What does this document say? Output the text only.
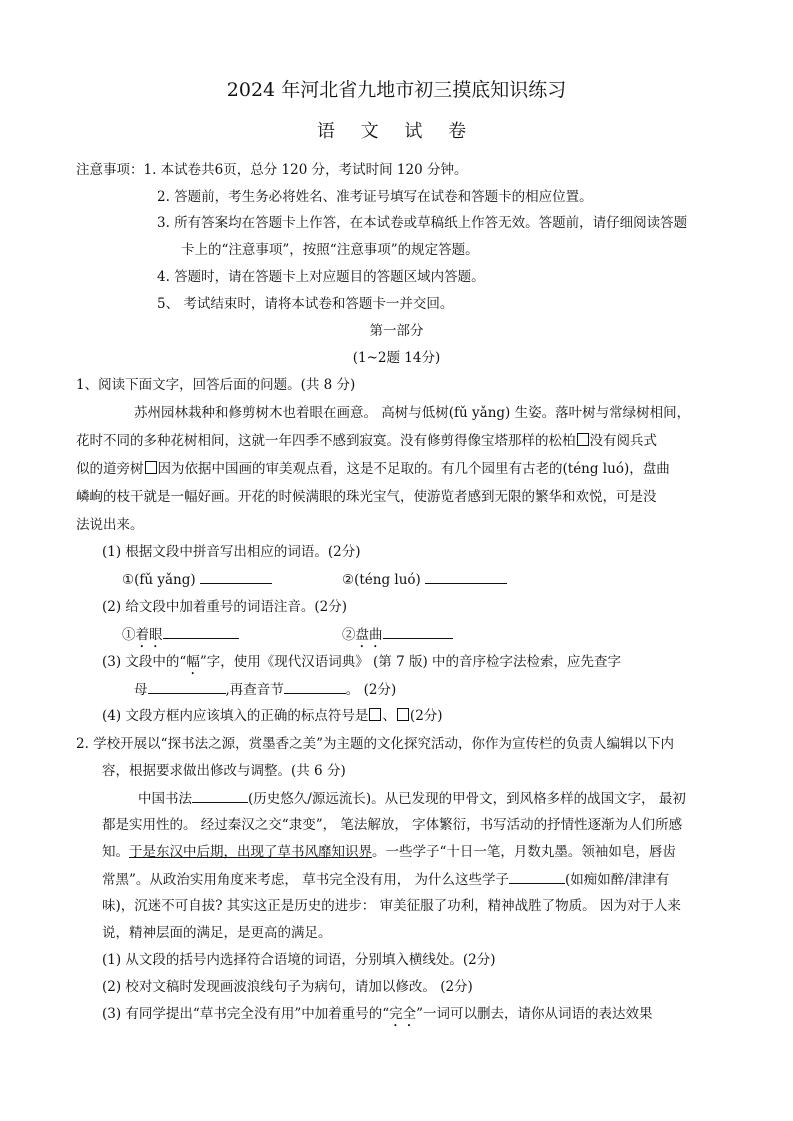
2024 年河北省九地市初三摸底知识练习
语 文 试 卷
注意事项：1. 本试卷共6页，总分 120 分，考试时间 120 分钟。
2. 答题前，考生务必将姓名、准考证号填写在试卷和答题卡的相应位置。
3. 所有答案均在答题卡上作答，在本试卷或草稿纸上作答无效。答题前，请仔细阅读答题
卡上的“注意事项”，按照“注意事项”的规定答题。
4. 答题时，请在答题卡上对应题目的答题区域内答题。
5、 考试结束时，请将本试卷和答题卡一并交回。
第一部分
(1~2题 14分)
1、阅读下面文字，回答后面的问题。(共 8 分)
苏州园林栽种和修剪树木也着眼在画意。 高树与低树(fǔ yǎng) 生姿。落叶树与常绿树相间，
花时不同的多种花树相间，这就一年四季不感到寂寞。没有修剪得像宝塔那样的松柏 没有阅兵式
似的道旁树 因为依据中国画的审美观点看，这是不足取的。有几个园里有古老的(téng luó)，盘曲
嶙峋的枝干就是一幅好画。开花的时候满眼的珠光宝气，使游览者感到无限的繁华和欢悦，可是没
法说出来。
(1) 根据文段中拼音写出相应的词语。(2分)
①(fǔ yǎng)	②(téng luó)
(2) 给文段中加着重号的词语注音。(2分)
①着眼	②盘曲
(3) 文段中的“幅”字，使用《现代汉语词典》 (第 7 版) 中的音序检字法检索，应先查字
母	,再查音节	。 (2分)
(4) 文段方框内应该填入的正确的标点符号是 、 (2分)
2. 学校开展以“探书法之源，赏墨香之美”为主题的文化探究活动，你作为宣传栏的负责人编辑以下内
容，根据要求做出修改与调整。(共 6 分)
中国书法	(历史悠久/源远流长)。从已发现的甲骨文，到风格多样的战国文字， 最初
都是实用性的。 经过秦汉之交“隶变”， 笔法解放， 字体繁衍，书写活动的抒情性逐渐为人们所感
知。于是东汉中后期，出现了草书风靡知识界。一些学子“十日一笔，月数丸墨。领袖如皂，唇齿
常黑”。从政治实用角度来考虑， 草书完全没有用， 为什么这些学子	(如痴如醉/津津有
味)，沉迷不可自拔? 其实这正是历史的进步： 审美征服了功利，精神战胜了物质。 因为对于人来
说，精神层面的满足，是更高的满足。
(1) 从文段的括号内选择符合语境的词语，分别填入横线处。(2分)
(2) 校对文稿时发现画波浪线句子为病句，请加以修改。 (2分)
(3) 有同学提出“草书完全没有用”中加着重号的“完全”一词可以删去，请你从词语的表达效果
